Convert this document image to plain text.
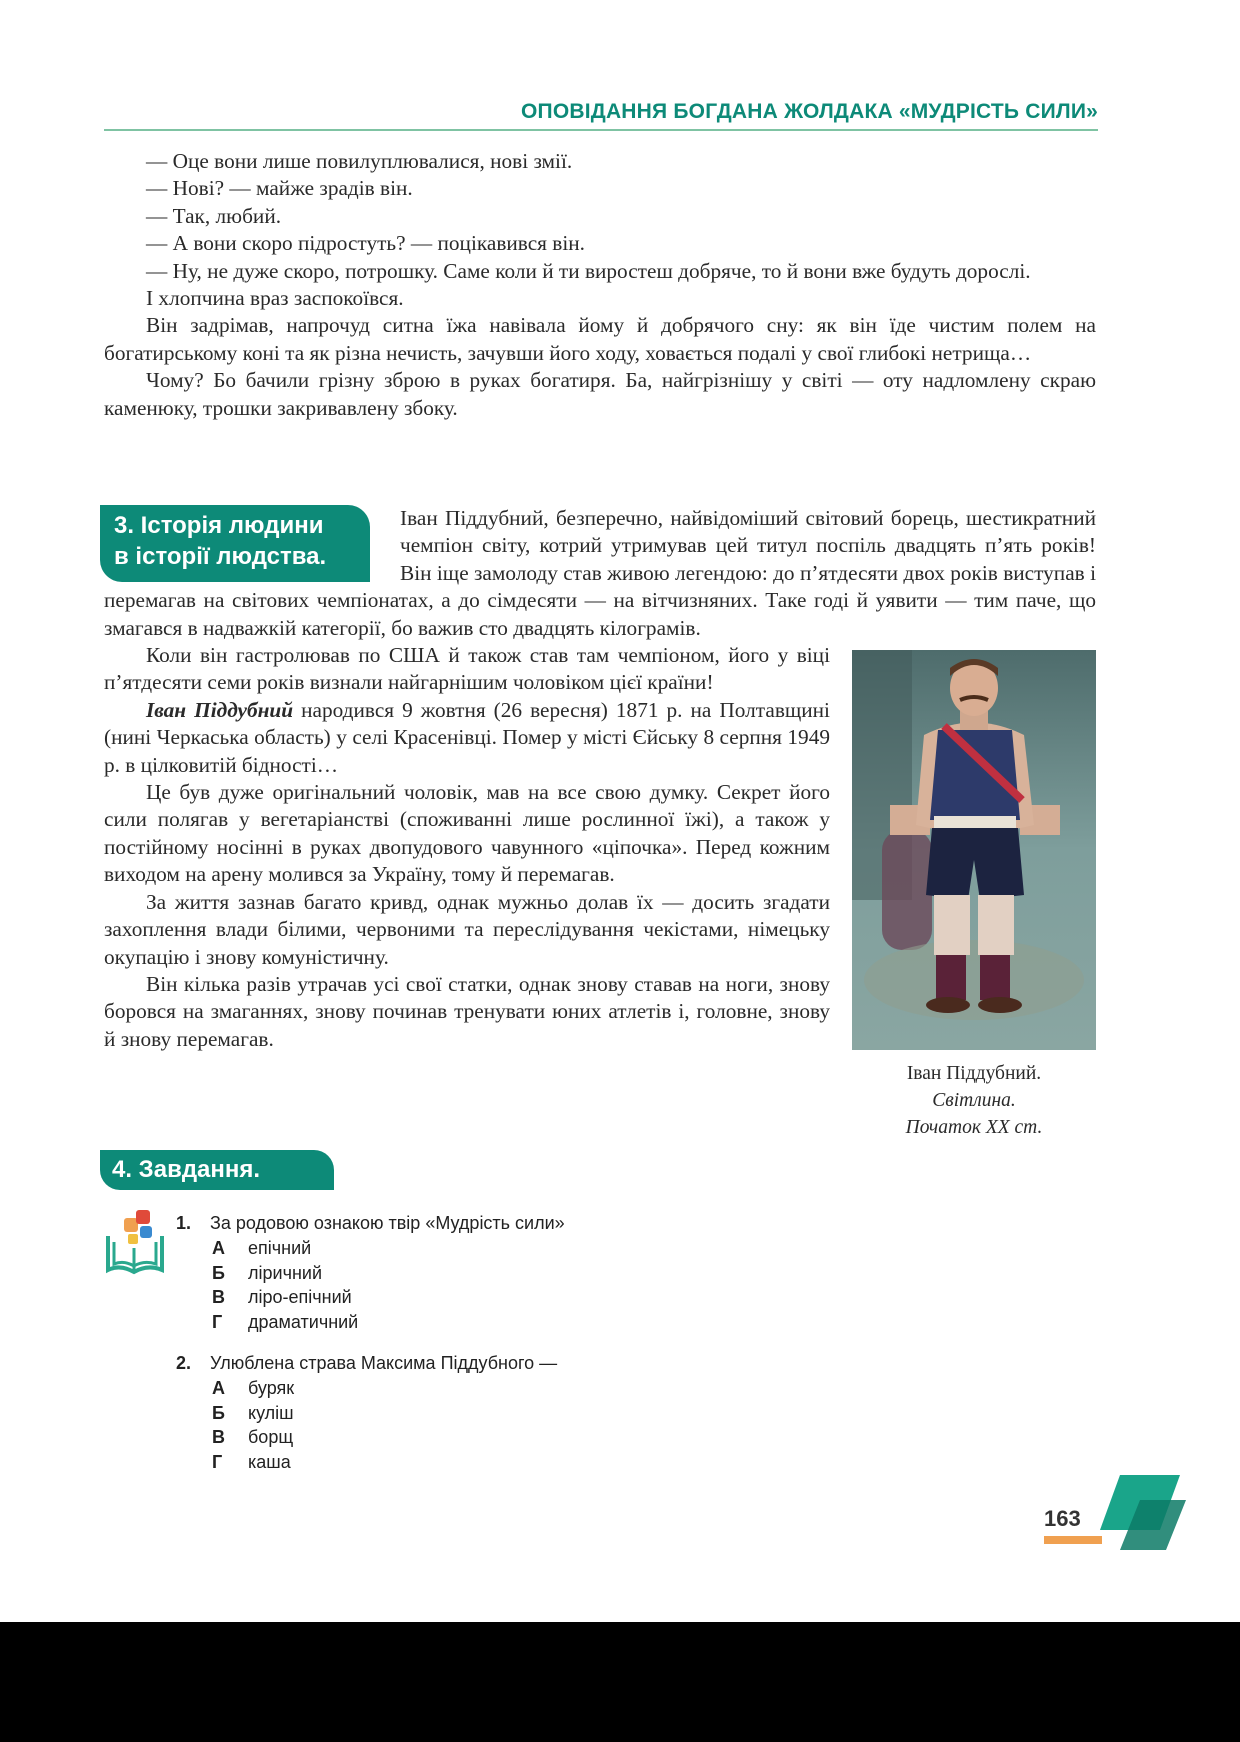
ОПОВІДАННЯ БОГДАНА ЖОЛДАКА «МУДРІСТЬ СИЛИ»

— Оце вони лише повилуплювалися, нові змії.

— Нові? — майже зрадів він.

— Так, любий.

— А вони скоро підростуть? — поцікавився він.

— Ну, не дуже скоро, потрошку. Саме коли й ти виростеш добряче, то й вони вже будуть дорослі.

І хлопчина враз заспокоївся.

Він задрімав, напрочуд ситна їжа навівала йому й добрячого сну: як він їде чистим полем на богатирському коні та як різна нечисть, зачувши його ходу, ховається подалі у свої глибокі нетрища…

Чому? Бо бачили грізну зброю в руках богатиря. Ба, найгрізнішу у світі — оту надломлену скраю каменюку, трошки закривавлену збоку.

3. Історія людини
в історії людства.

Іван Піддубний, безперечно, найвідоміший світовий борець, шестикратний чемпіон світу, котрий утримував цей титул поспіль двадцять п’ять років! Він іще замолоду став живою легендою: до п’ятдесяти двох років виступав і перемагав на світових чемпіонатах, а до сімдесяти — на вітчизняних. Таке годі й уявити — тим паче, що змагався в надважкій категорії, бо важив сто двадцять кілограмів.

Іван Піддубний.
Світлина.
Початок XX ст.

Коли він гастролював по США й також став там чемпіоном, його у віці п’ятдесяти семи років визнали найгарнішим чоловіком цієї країни!

Іван Піддубний народився 9 жовтня (26 вересня) 1871 р. на Полтавщині (нині Черкаська область) у селі Красенівці. Помер у місті Єйську 8 серпня 1949 р. в цілковитій бідності…

Це був дуже оригінальний чоловік, мав на все свою думку. Секрет його сили полягав у вегетаріанстві (споживанні лише рослинної їжі), а також у постійному носінні в руках двопудового чавунного «ціпочка». Перед кожним виходом на арену молився за Україну, тому й перемагав.

За життя зазнав багато кривд, однак мужньо долав їх — досить згадати захоплення влади білими, червоними та переслідування чекістами, німецьку окупацію і знову комуністичну.

Він кілька разів утрачав усі свої статки, однак знову ставав на ноги, знову боровся на змаганнях, знову починав тренувати юних атлетів і, головне, знову й знову перемагав.

4. Завдання.
1. За родовою ознакою твір «Мудрість сили»
А епічний
Б ліричний
В ліро-епічний
Г драматичний
2. Улюблена страва Максима Піддубного —
А буряк
Б куліш
В борщ
Г каша
163
